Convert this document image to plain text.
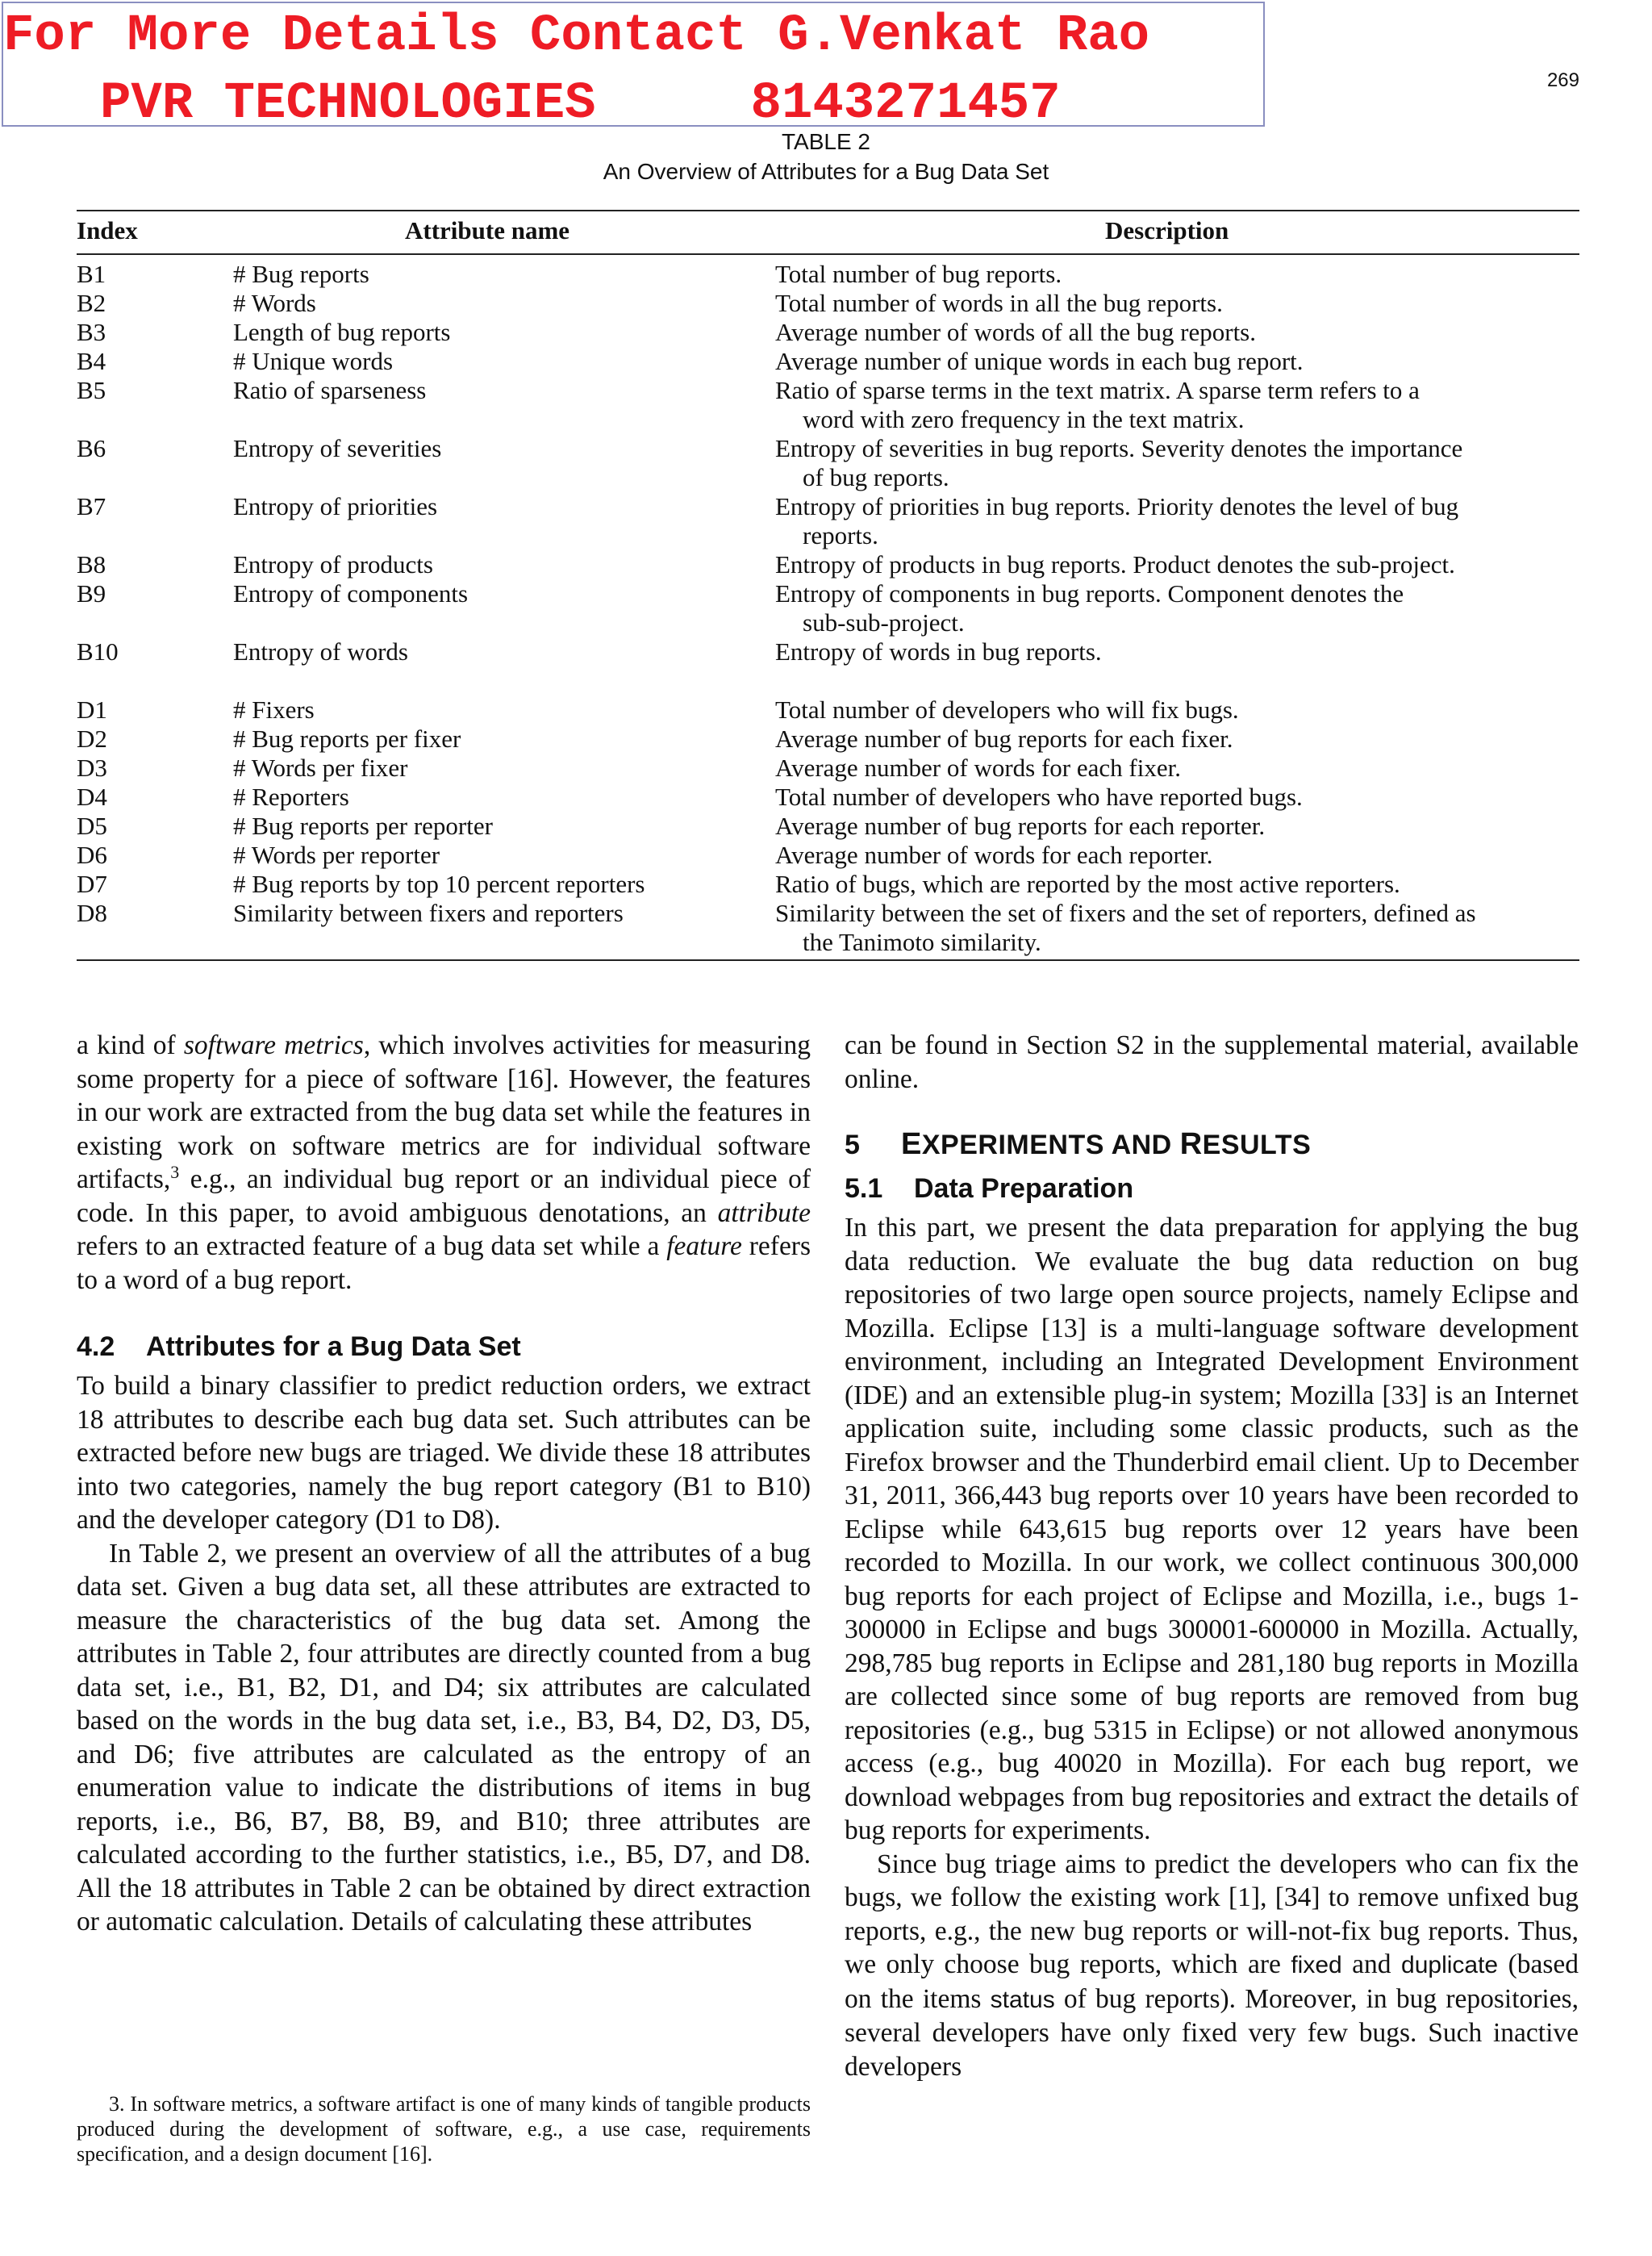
For More Details Contact G.Venkat Rao
PVR TECHNOLOGIES     8143271457	269
TABLE 2
An Overview of Attributes for a Bug Data Set
Index	Attribute name	Description
B1	# Bug reports	Total number of bug reports.
B2	# Words	Total number of words in all the bug reports.
B3	Length of bug reports	Average number of words of all the bug reports.
B4	# Unique words	Average number of unique words in each bug report.
B5	Ratio of sparseness	Ratio of sparse terms in the text matrix. A sparse term refers to a
word with zero frequency in the text matrix.
B6	Entropy of severities	Entropy of severities in bug reports. Severity denotes the importance
of bug reports.
B7	Entropy of priorities	Entropy of priorities in bug reports. Priority denotes the level of bug
reports.
B8	Entropy of products	Entropy of products in bug reports. Product denotes the sub-project.
B9	Entropy of components	Entropy of components in bug reports. Component denotes the
sub-sub-project.
B10	Entropy of words	Entropy of words in bug reports.
D1	# Fixers	Total number of developers who will fix bugs.
D2	# Bug reports per fixer	Average number of bug reports for each fixer.
D3	# Words per fixer	Average number of words for each fixer.
D4	# Reporters	Total number of developers who have reported bugs.
D5	# Bug reports per reporter	Average number of bug reports for each reporter.
D6	# Words per reporter	Average number of words for each reporter.
D7	# Bug reports by top 10 percent reporters	Ratio of bugs, which are reported by the most active reporters.
D8	Similarity between fixers and reporters	Similarity between the set of fixers and the set of reporters, defined as
the Tanimoto similarity.

a kind of software metrics, which involves activities for measuring some property for a piece of software [16]. However, the features in our work are extracted from the bug data set while the features in existing work on software metrics are for individual software artifacts,$^3$ e.g., an individual bug report or an individual piece of code. In this paper, to avoid ambiguous denotations, an attribute refers to an extracted feature of a bug data set while a feature refers to a word of a bug report.

4.2 Attributes for a Bug Data Set

To build a binary classifier to predict reduction orders, we extract 18 attributes to describe each bug data set. Such attributes can be extracted before new bugs are triaged. We divide these 18 attributes into two categories, namely the bug report category (B1 to B10) and the developer category (D1 to D8).

In Table 2, we present an overview of all the attributes of a bug data set. Given a bug data set, all these attributes are extracted to measure the characteristics of the bug data set. Among the attributes in Table 2, four attributes are directly counted from a bug data set, i.e., B1, B2, D1, and D4; six attributes are calculated based on the words in the bug data set, i.e., B3, B4, D2, D3, D5, and D6; five attributes are calculated as the entropy of an enumeration value to indicate the distributions of items in bug reports, i.e., B6, B7, B8, B9, and B10; three attributes are calculated according to the further statistics, i.e., B5, D7, and D8. All the 18 attributes in Table 2 can be obtained by direct extraction or automatic calculation. Details of calculating these attributes

3. In software metrics, a software artifact is one of many kinds of tangible products produced during the development of software, e.g., a use case, requirements specification, and a design document [16].

can be found in Section S2 in the supplemental material, available online.

5 EXPERIMENTS AND RESULTS
5.1 Data Preparation

In this part, we present the data preparation for applying the bug data reduction. We evaluate the bug data reduction on bug repositories of two large open source projects, namely Eclipse and Mozilla. Eclipse [13] is a multi-language software development environment, including an Integrated Development Environment (IDE) and an extensible plug-in system; Mozilla [33] is an Internet application suite, including some classic products, such as the Firefox browser and the Thunderbird email client. Up to December 31, 2011, 366,443 bug reports over 10 years have been recorded to Eclipse while 643,615 bug reports over 12 years have been recorded to Mozilla. In our work, we collect continuous 300,000 bug reports for each project of Eclipse and Mozilla, i.e., bugs 1-300000 in Eclipse and bugs 300001-600000 in Mozilla. Actually, 298,785 bug reports in Eclipse and 281,180 bug reports in Mozilla are collected since some of bug reports are removed from bug repositories (e.g., bug 5315 in Eclipse) or not allowed anonymous access (e.g., bug 40020 in Mozilla). For each bug report, we download webpages from bug repositories and extract the details of bug reports for experiments.

Since bug triage aims to predict the developers who can fix the bugs, we follow the existing work [1], [34] to remove unfixed bug reports, e.g., the new bug reports or will-not-fix bug reports. Thus, we only choose bug reports, which are fixed and duplicate (based on the items status of bug reports). Moreover, in bug repositories, several developers have only fixed very few bugs. Such inactive developers
